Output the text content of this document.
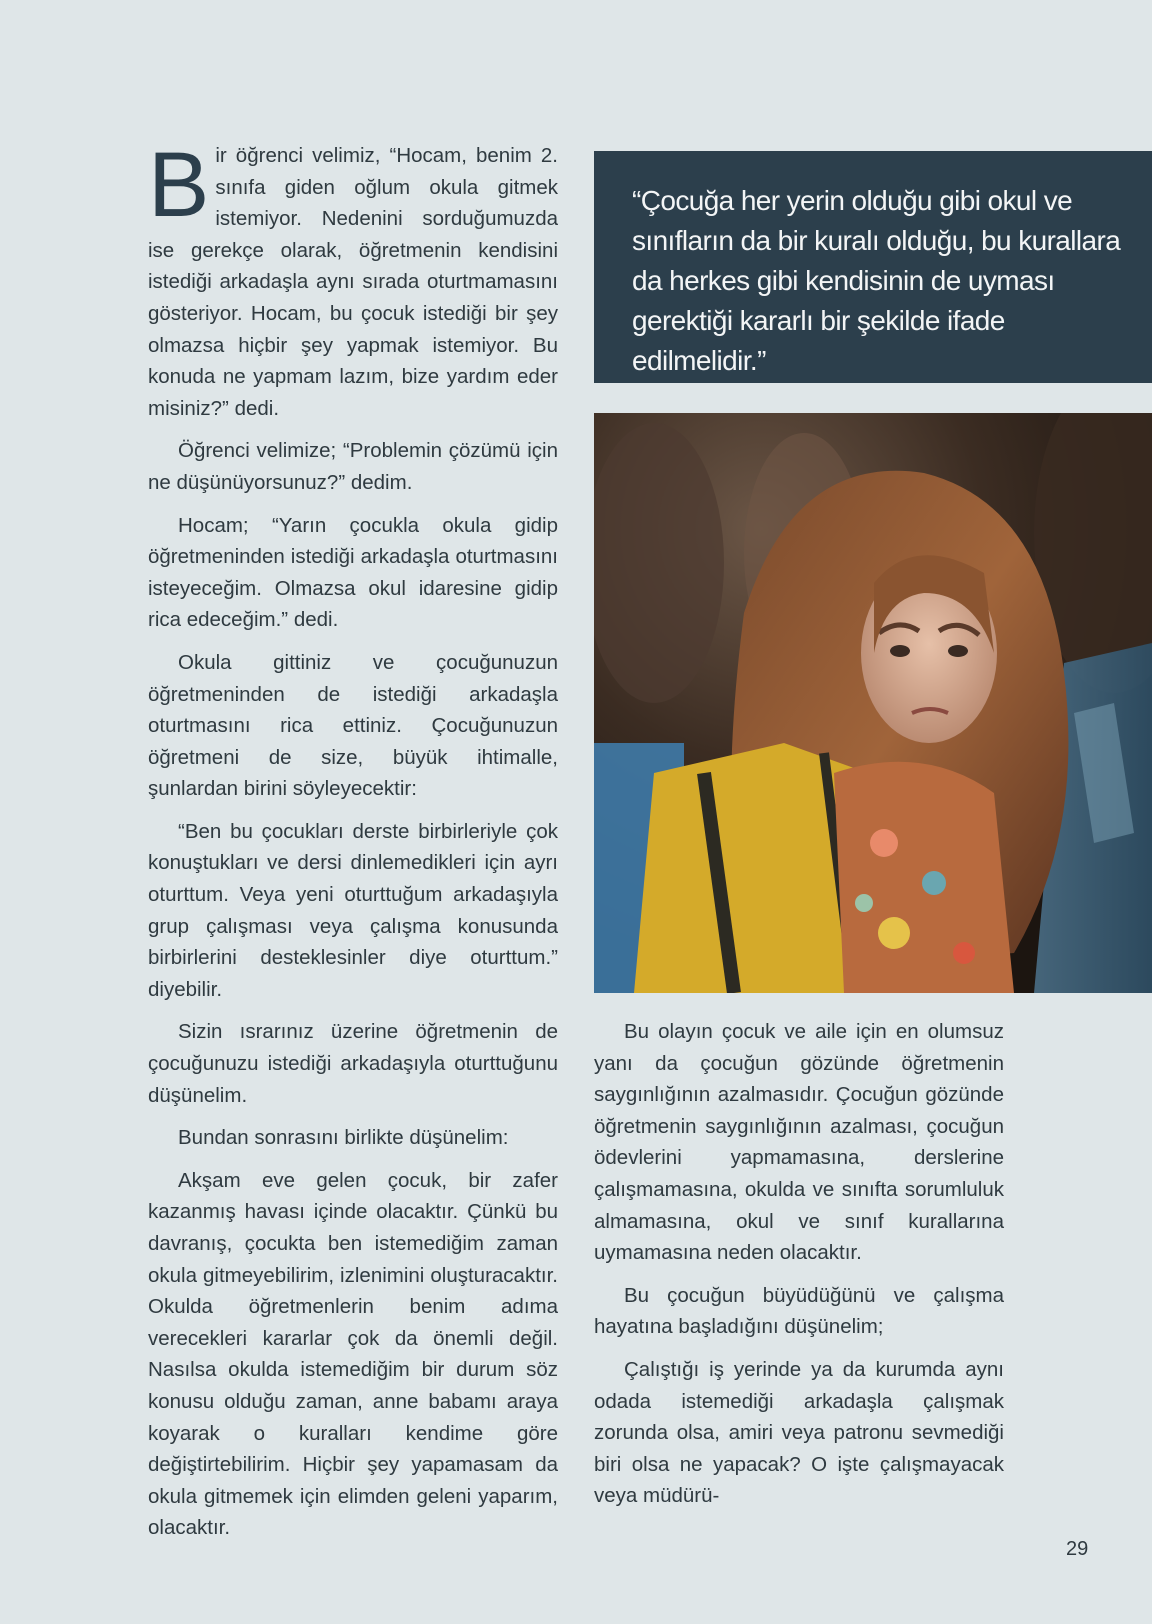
Bir öğrenci velimiz, “Hocam, benim 2. sınıfa giden oğlum okula gitmek istemiyor. Nedenini sorduğumuzda ise gerekçe olarak, öğretmenin kendisini istediği arkadaşla aynı sırada oturtmamasını gösteriyor. Hocam, bu çocuk istediği bir şey olmazsa hiçbir şey yapmak istemiyor. Bu konuda ne yapmam lazım, bize yardım eder misiniz?” dedi.

Öğrenci velimize; “Problemin çözümü için ne düşünüyorsunuz?” dedim.

Hocam; “Yarın çocukla okula gidip öğretmeninden istediği arkadaşla oturtmasını isteyeceğim. Olmazsa okul idaresine gidip rica edeceğim.” dedi.

Okula gittiniz ve çocuğunuzun öğretmeninden de istediği arkadaşla oturtmasını rica ettiniz. Çocuğunuzun öğretmeni de size, büyük ihtimalle, şunlardan birini söyleyecektir:

“Ben bu çocukları derste birbirleriyle çok konuştukları ve dersi dinlemedikleri için ayrı oturttum. Veya yeni oturttuğum arkadaşıyla grup çalışması veya çalışma konusunda birbirlerini desteklesinler diye oturttum.” diyebilir.

Sizin ısrarınız üzerine öğretmenin de çocuğunuzu istediği arkadaşıyla oturttuğunu düşünelim.

Bundan sonrasını birlikte düşünelim:

Akşam eve gelen çocuk, bir zafer kazanmış havası içinde olacaktır. Çünkü bu davranış, çocukta ben istemediğim zaman okula gitmeyebilirim, izlenimini oluşturacaktır. Okulda öğretmenlerin benim adıma verecekleri kararlar çok da önemli değil. Nasılsa okulda istemediğim bir durum söz konusu olduğu zaman, anne babamı araya koyarak o kuralları kendime göre değiştirtebilirim. Hiçbir şey yapamasam da okula gitmemek için elimden geleni yaparım, olacaktır.

“Çocuğa her yerin olduğu gibi okul ve sınıfların da bir kuralı olduğu, bu kurallara da herkes gibi kendisinin de uyması gerektiği kararlı bir şekilde ifade edilmelidir.”

Bu olayın çocuk ve aile için en olumsuz yanı da çocuğun gözünde öğretmenin saygınlığının azalmasıdır. Çocuğun gözünde öğretmenin saygınlığının azalması, çocuğun ödevlerini yapmamasına, derslerine çalışmamasına, okulda ve sınıfta sorumluluk almamasına, okul ve sınıf kurallarına uymamasına neden olacaktır.

Bu çocuğun büyüdüğünü ve çalışma hayatına başladığını düşünelim;

Çalıştığı iş yerinde ya da kurumda aynı odada istemediği arkadaşla çalışmak zorunda olsa, amiri veya patronu sevmediği biri olsa ne yapacak? O işte çalışmayacak veya müdürü-

29
